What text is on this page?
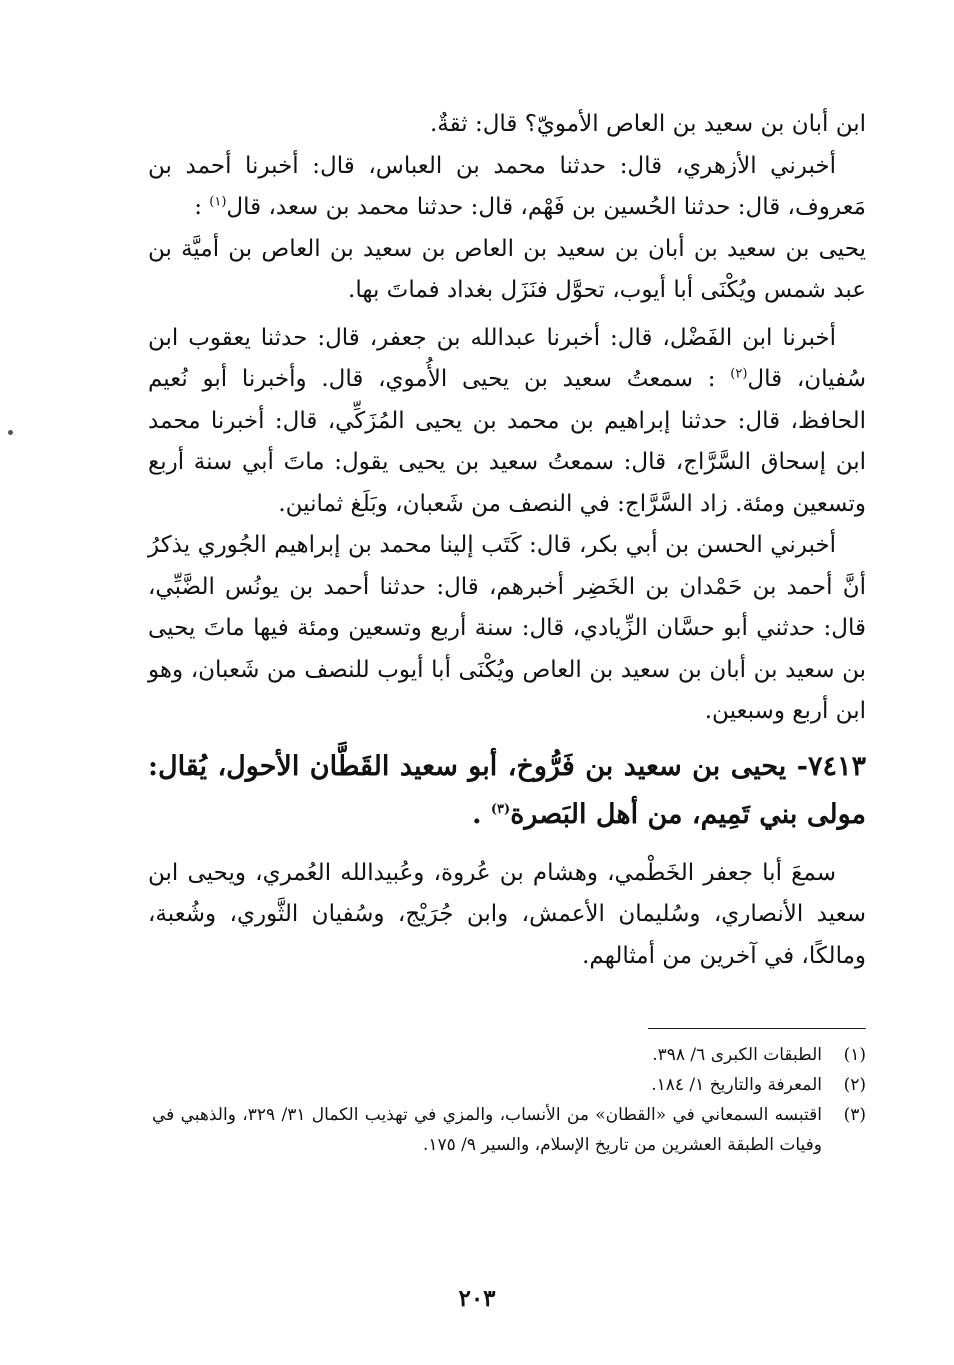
ابن أبان بن سعيد بن العاص الأمويّ؟ قال: ثقةٌ.

أخبرني الأزهري، قال: حدثنا محمد بن العباس، قال: أخبرنا أحمد بن مَعروف، قال: حدثنا الحُسين بن فَهْم، قال: حدثنا محمد بن سعد، قال$^{(١)}$ :

يحيى بن سعيد بن أبان بن سعيد بن العاص بن سعيد بن العاص بن أميَّة بن عبد شمس ويُكْنَى أبا أيوب، تحوَّل فنَزَل بغداد فماتَ بها.

أخبرنا ابن الفَضْل، قال: أخبرنا عبدالله بن جعفر، قال: حدثنا يعقوب ابن سُفيان، قال$^{(٢)}$ : سمعتُ سعيد بن يحيى الأُموي، قال. وأخبرنا أبو نُعيم الحافظ، قال: حدثنا إبراهيم بن محمد بن يحيى المُزَكِّي، قال: أخبرنا محمد ابن إسحاق السَّرَّاج، قال: سمعتُ سعيد بن يحيى يقول: ماتَ أبي سنة أربع وتسعين ومئة. زاد السَّرَّاج: في النصف من شَعبان، وبَلَغ ثمانين.

أخبرني الحسن بن أبي بكر، قال: كَتَب إلينا محمد بن إبراهيم الجُوري يذكرُ أنَّ أحمد بن حَمْدان بن الخَضِر أخبرهم، قال: حدثنا أحمد بن يونُس الضَّبِّي، قال: حدثني أبو حسَّان الزِّيادي، قال: سنة أربع وتسعين ومئة فيها ماتَ يحيى بن سعيد بن أبان بن سعيد بن العاص ويُكْنَى أبا أيوب للنصف من شَعبان، وهو ابن أربع وسبعين.

٧٤١٣- يحيى بن سعيد بن فَرُّوخ، أبو سعيد القَطَّان الأحول، يُقال: مولى بني تَمِيم، من أهل البَصرة$^{(٣)}$ .

سمعَ أبا جعفر الخَطْمي، وهشام بن عُروة، وعُبيدالله العُمري، ويحيى ابن سعيد الأنصاري، وسُليمان الأعمش، وابن جُرَيْج، وسُفيان الثَّوري، وشُعبة، ومالكًا، في آخرين من أمثالهم.

(١)
الطبقات الكبرى ٦/ ٣٩٨.
(٢)
المعرفة والتاريخ ١/ ١٨٤.
(٣)
اقتبسه السمعاني في «القطان» من الأنساب، والمزي في تهذيب الكمال ٣١/ ٣٢٩، والذهبي في وفيات الطبقة العشرين من تاريخ الإسلام، والسير ٩/ ١٧٥.
٢٠٣
